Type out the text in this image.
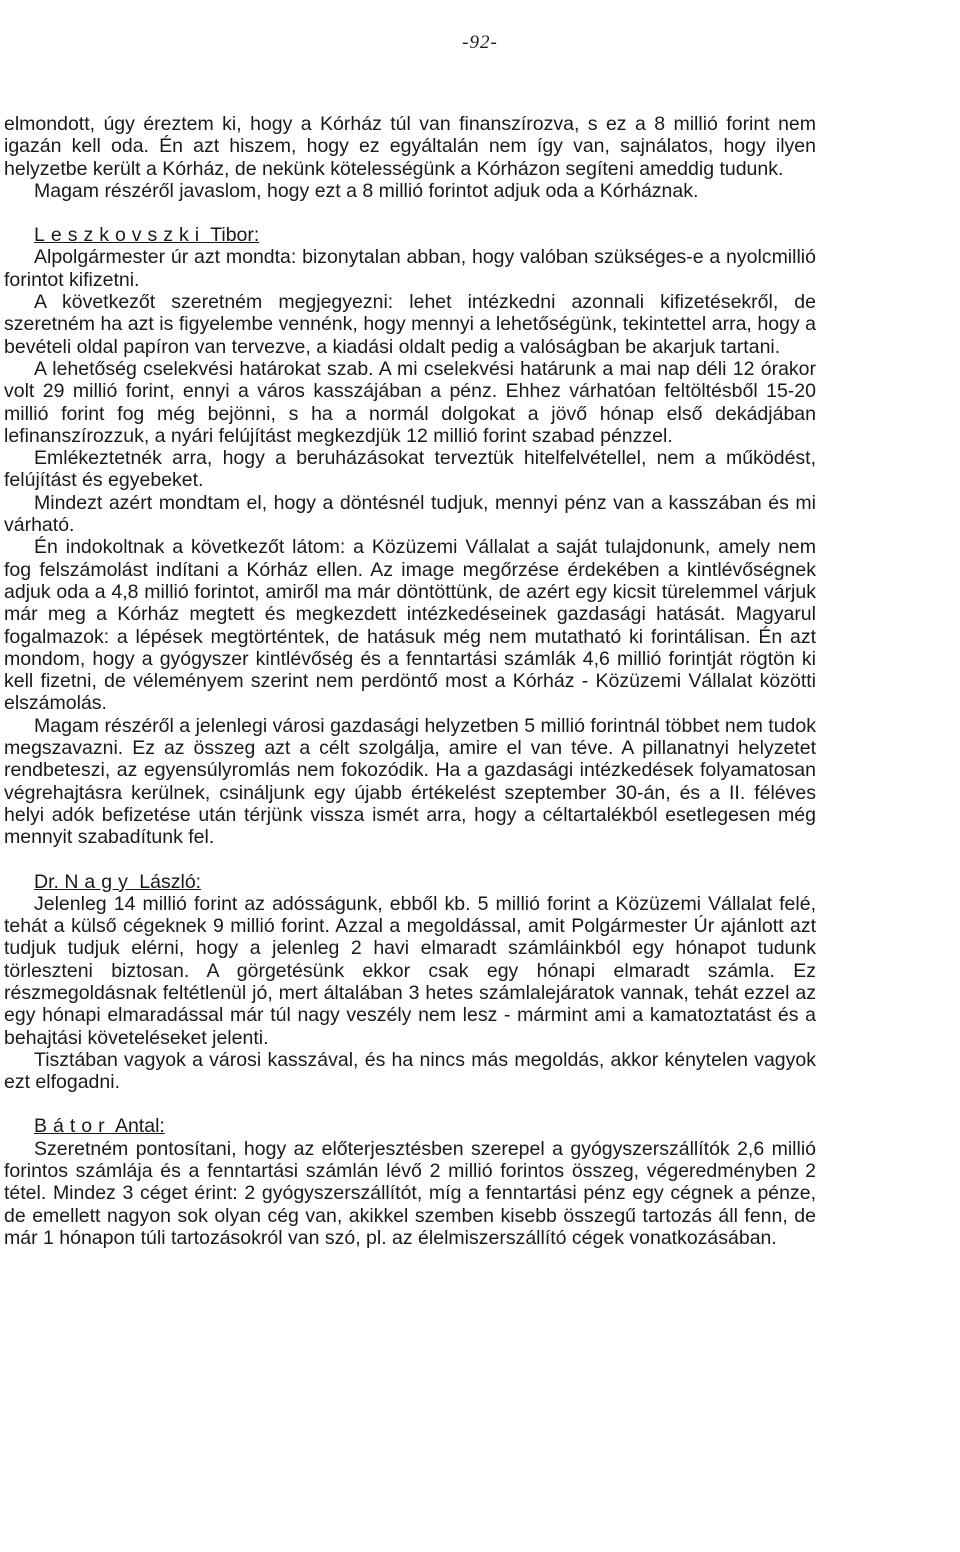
-92-

elmondott, úgy éreztem ki, hogy a Kórház túl van finanszírozva, s ez a 8 millió forint nem igazán kell oda. Én azt hiszem, hogy ez egyáltalán nem így van, sajnálatos, hogy ilyen helyzetbe került a Kórház, de nekünk kötelességünk a Kórházon segíteni ameddig tudunk.

Magam részéről javaslom, hogy ezt a 8 millió forintot adjuk oda a Kórháznak.

Leszkovszki Tibor:

Alpolgármester úr azt mondta: bizonytalan abban, hogy valóban szükséges-e a nyolcmillió forintot kifizetni.

A következőt szeretném megjegyezni: lehet intézkedni azonnali kifizetésekről, de szeretném ha azt is figyelembe vennénk, hogy mennyi a lehetőségünk, tekintettel arra, hogy a bevételi oldal papíron van tervezve, a kiadási oldalt pedig a valóságban be akarjuk tartani.

A lehetőség cselekvési határokat szab. A mi cselekvési határunk a mai nap déli 12 órakor volt 29 millió forint, ennyi a város kasszájában a pénz. Ehhez várhatóan feltöltésből 15-20 millió forint fog még bejönni, s ha a normál dolgokat a jövő hónap első dekádjában lefinanszírozzuk, a nyári felújítást megkezdjük 12 millió forint szabad pénzzel.

Emlékeztetnék arra, hogy a beruházásokat terveztük hitelfelvétellel, nem a működést, felújítást és egyebeket.

Mindezt azért mondtam el, hogy a döntésnél tudjuk, mennyi pénz van a kasszában és mi várható.

Én indokoltnak a következőt látom: a Közüzemi Vállalat a saját tulajdonunk, amely nem fog felszámolást indítani a Kórház ellen. Az image megőrzése érdekében a kintlévőségnek adjuk oda a 4,8 millió forintot, amiről ma már döntöttünk, de azért egy kicsit türelemmel várjuk már meg a Kórház megtett és megkezdett intézkedéseinek gazdasági hatását. Magyarul fogalmazok: a lépések megtörténtek, de hatásuk még nem mutatható ki forintálisan. Én azt mondom, hogy a gyógyszer kintlévőség és a fenntartási számlák 4,6 millió forintját rögtön ki kell fizetni, de véleményem szerint nem perdöntő most a Kórház - Közüzemi Vállalat közötti elszámolás.

Magam részéről a jelenlegi városi gazdasági helyzetben 5 millió forintnál többet nem tudok megszavazni. Ez az összeg azt a célt szolgálja, amire el van téve. A pillanatnyi helyzetet rendbeteszi, az egyensúlyromlás nem fokozódik. Ha a gazdasági intézkedések folyamatosan végrehajtásra kerülnek, csináljunk egy újabb értékelést szeptember 30-án, és a II. féléves helyi adók befizetése után térjünk vissza ismét arra, hogy a céltartalékból esetlegesen még mennyit szabadítunk fel.

Dr. Nagy László:

Jelenleg 14 millió forint az adósságunk, ebből kb. 5 millió forint a Közüzemi Vállalat felé, tehát a külső cégeknek 9 millió forint. Azzal a megoldással, amit Polgármester Úr ajánlott azt tudjuk tudjuk elérni, hogy a jelenleg 2 havi elmaradt számláinkból egy hónapot tudunk törleszteni biztosan. A görgetésünk ekkor csak egy hónapi elmaradt számla. Ez részmegoldásnak feltétlenül jó, mert általában 3 hetes számlalejáratok vannak, tehát ezzel az egy hónapi elmaradással már túl nagy veszély nem lesz - mármint ami a kamatoztatást és a behajtási követeléseket jelenti.

Tisztában vagyok a városi kasszával, és ha nincs más megoldás, akkor kénytelen vagyok ezt elfogadni.

Bátor Antal:

Szeretném pontosítani, hogy az előterjesztésben szerepel a gyógyszerszállítók 2,6 millió forintos számlája és a fenntartási számlán lévő 2 millió forintos összeg, végeredményben 2 tétel. Mindez 3 céget érint: 2 gyógyszerszállítót, míg a fenntartási pénz egy cégnek a pénze, de emellett nagyon sok olyan cég van, akikkel szemben kisebb összegű tartozás áll fenn, de már 1 hónapon túli tartozásokról van szó, pl. az élelmiszerszállító cégek vonatkozásában.
